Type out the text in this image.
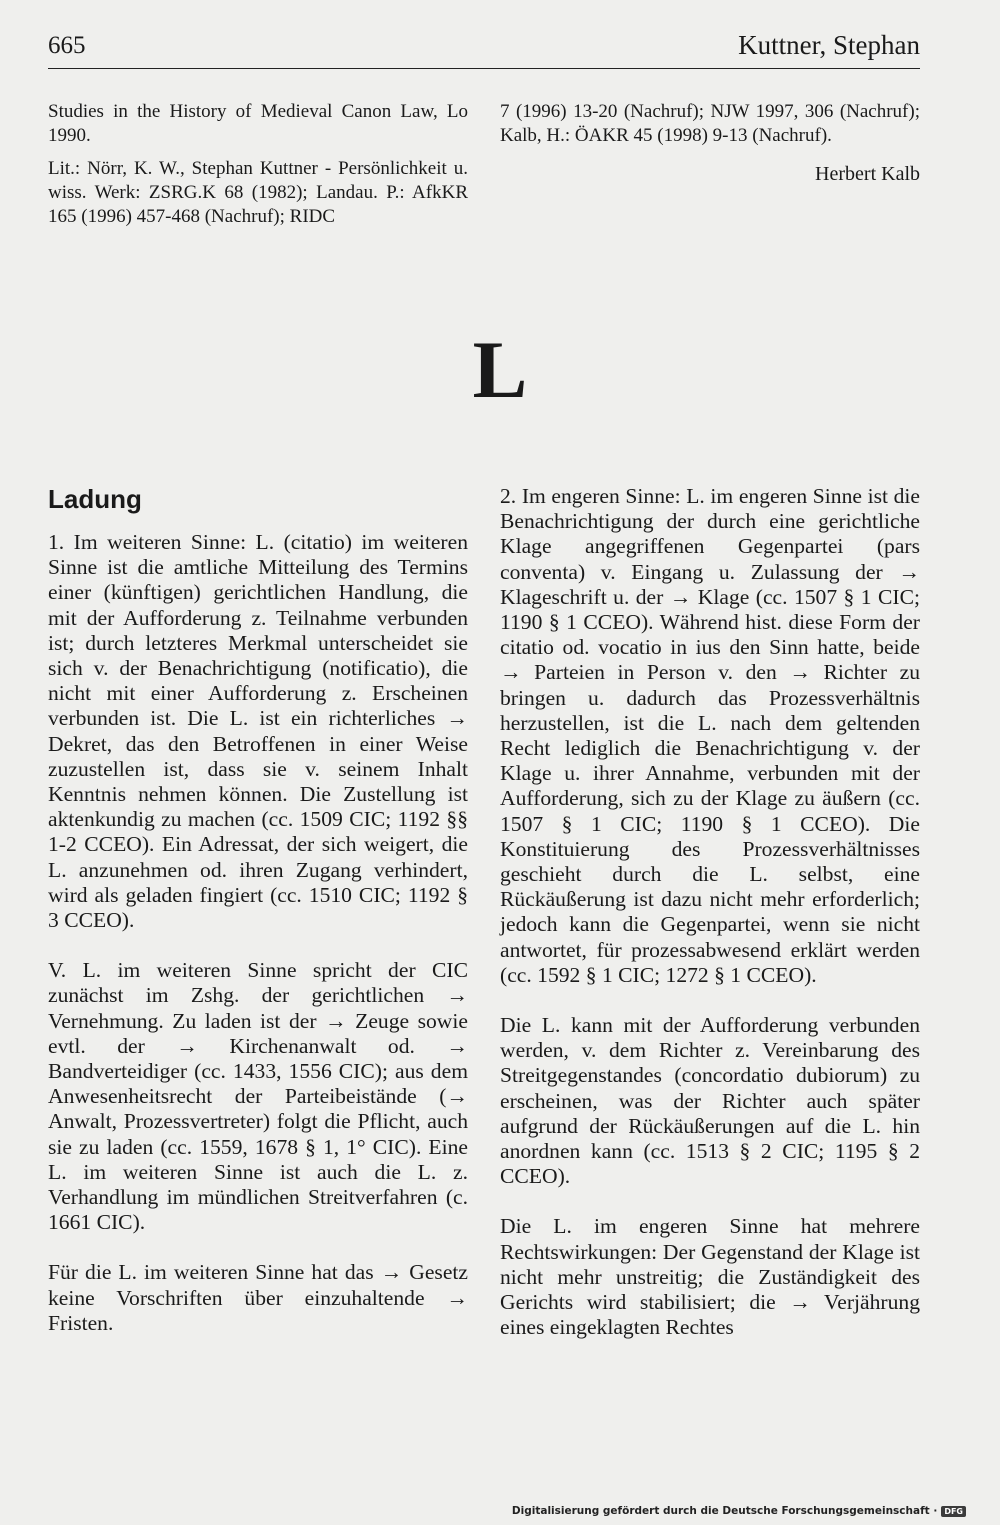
665	Kuttner, Stephan

Studies in the History of Medieval Canon Law, Lo 1990.

Lit.: Nörr, K. W., Stephan Kuttner - Persönlichkeit u. wiss. Werk: ZSRG.K 68 (1982); Landau. P.: AfkKR 165 (1996) 457-468 (Nachruf); RIDC

7 (1996) 13-20 (Nachruf); NJW 1997, 306 (Nachruf); Kalb, H.: ÖAKR 45 (1998) 9-13 (Nachruf).

Herbert Kalb
L
Ladung

1. Im weiteren Sinne: L. (citatio) im weiteren Sinne ist die amtliche Mitteilung des Termins einer (künftigen) gerichtlichen Handlung, die mit der Aufforderung z. Teilnahme verbunden ist; durch letzteres Merkmal unterscheidet sie sich v. der Benachrichtigung (notificatio), die nicht mit einer Aufforderung z. Erscheinen verbunden ist. Die L. ist ein richterliches → Dekret, das den Betroffenen in einer Weise zuzustellen ist, dass sie v. seinem Inhalt Kenntnis nehmen können. Die Zustellung ist aktenkundig zu machen (cc. 1509 CIC; 1192 §§ 1-2 CCEO). Ein Adressat, der sich weigert, die L. anzunehmen od. ihren Zugang verhindert, wird als geladen fingiert (cc. 1510 CIC; 1192 § 3 CCEO).

V. L. im weiteren Sinne spricht der CIC zunächst im Zshg. der gerichtlichen → Vernehmung. Zu laden ist der → Zeuge sowie evtl. der → Kirchenanwalt od. → Bandverteidiger (cc. 1433, 1556 CIC); aus dem Anwesenheitsrecht der Parteibeistände (→ Anwalt, Prozessvertreter) folgt die Pflicht, auch sie zu laden (cc. 1559, 1678 § 1, 1° CIC). Eine L. im weiteren Sinne ist auch die L. z. Verhandlung im mündlichen Streitverfahren (c. 1661 CIC).

Für die L. im weiteren Sinne hat das → Gesetz keine Vorschriften über einzuhaltende → Fristen.

2. Im engeren Sinne: L. im engeren Sinne ist die Benachrichtigung der durch eine gerichtliche Klage angegriffenen Gegenpartei (pars conventa) v. Eingang u. Zulassung der → Klageschrift u. der → Klage (cc. 1507 § 1 CIC; 1190 § 1 CCEO). Während hist. diese Form der citatio od. vocatio in ius den Sinn hatte, beide → Parteien in Person v. den → Richter zu bringen u. dadurch das Prozessverhältnis herzustellen, ist die L. nach dem geltenden Recht lediglich die Benachrichtigung v. der Klage u. ihrer Annahme, verbunden mit der Aufforderung, sich zu der Klage zu äußern (cc. 1507 § 1 CIC; 1190 § 1 CCEO). Die Konstituierung des Prozessverhältnisses geschieht durch die L. selbst, eine Rückäußerung ist dazu nicht mehr erforderlich; jedoch kann die Gegenpartei, wenn sie nicht antwortet, für prozessabwesend erklärt werden (cc. 1592 § 1 CIC; 1272 § 1 CCEO).

Die L. kann mit der Aufforderung verbunden werden, v. dem Richter z. Vereinbarung des Streitgegenstandes (concordatio dubiorum) zu erscheinen, was der Richter auch später aufgrund der Rückäußerungen auf die L. hin anordnen kann (cc. 1513 § 2 CIC; 1195 § 2 CCEO).

Die L. im engeren Sinne hat mehrere Rechtswirkungen: Der Gegenstand der Klage ist nicht mehr unstreitig; die Zuständigkeit des Gerichts wird stabilisiert; die → Verjährung eines eingeklagten Rechtes

Digitalisierung gefördert durch die Deutsche Forschungsgemeinschaft · DFG
